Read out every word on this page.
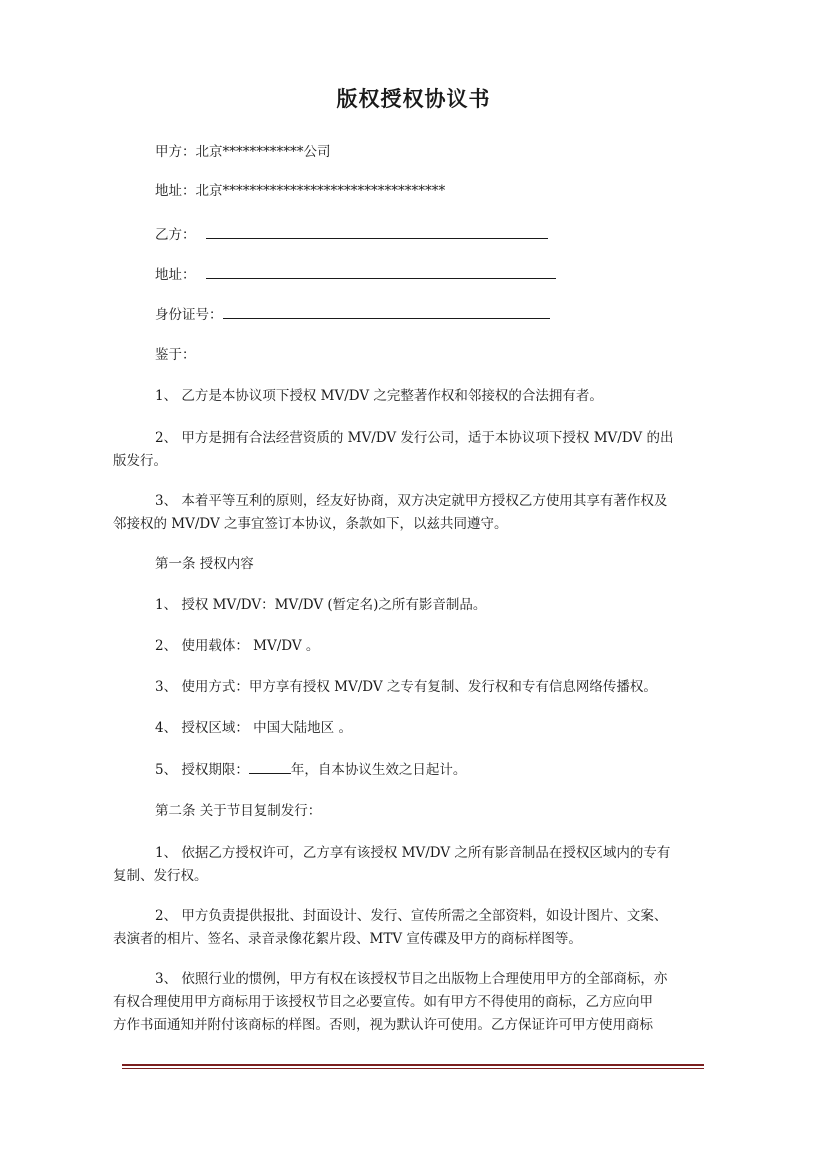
版权授权协议书
甲方：北京************公司
地址：北京*********************************
乙方：
地址：
身份证号：
鉴于：
1、 乙方是本协议项下授权 MV/DV 之完整著作权和邻接权的合法拥有者。
2、 甲方是拥有合法经营资质的 MV/DV 发行公司，适于本协议项下授权 MV/DV 的出
版发行。
3、 本着平等互利的原则，经友好协商，双方决定就甲方授权乙方使用其享有著作权及
邻接权的 MV/DV 之事宜签订本协议，条款如下，以兹共同遵守。
第一条 授权内容
1、 授权 MV/DV：MV/DV (暂定名)之所有影音制品。
2、 使用载体： MV/DV 。
3、 使用方式：甲方享有授权 MV/DV 之专有复制、发行权和专有信息网络传播权。
4、 授权区域： 中国大陆地区 。
5、 授权期限：	年，自本协议生效之日起计。
第二条 关于节目复制发行：
1、 依据乙方授权许可，乙方享有该授权 MV/DV 之所有影音制品在授权区域内的专有
复制、发行权。
2、 甲方负责提供报批、封面设计、发行、宣传所需之全部资料，如设计图片、文案、
表演者的相片、签名、录音录像花絮片段、MTV 宣传碟及甲方的商标样图等。
3、 依照行业的惯例，甲方有权在该授权节目之出版物上合理使用甲方的全部商标，亦
有权合理使用甲方商标用于该授权节目之必要宣传。如有甲方不得使用的商标，乙方应向甲
方作书面通知并附付该商标的样图。否则，视为默认许可使用。乙方保证许可甲方使用商标
